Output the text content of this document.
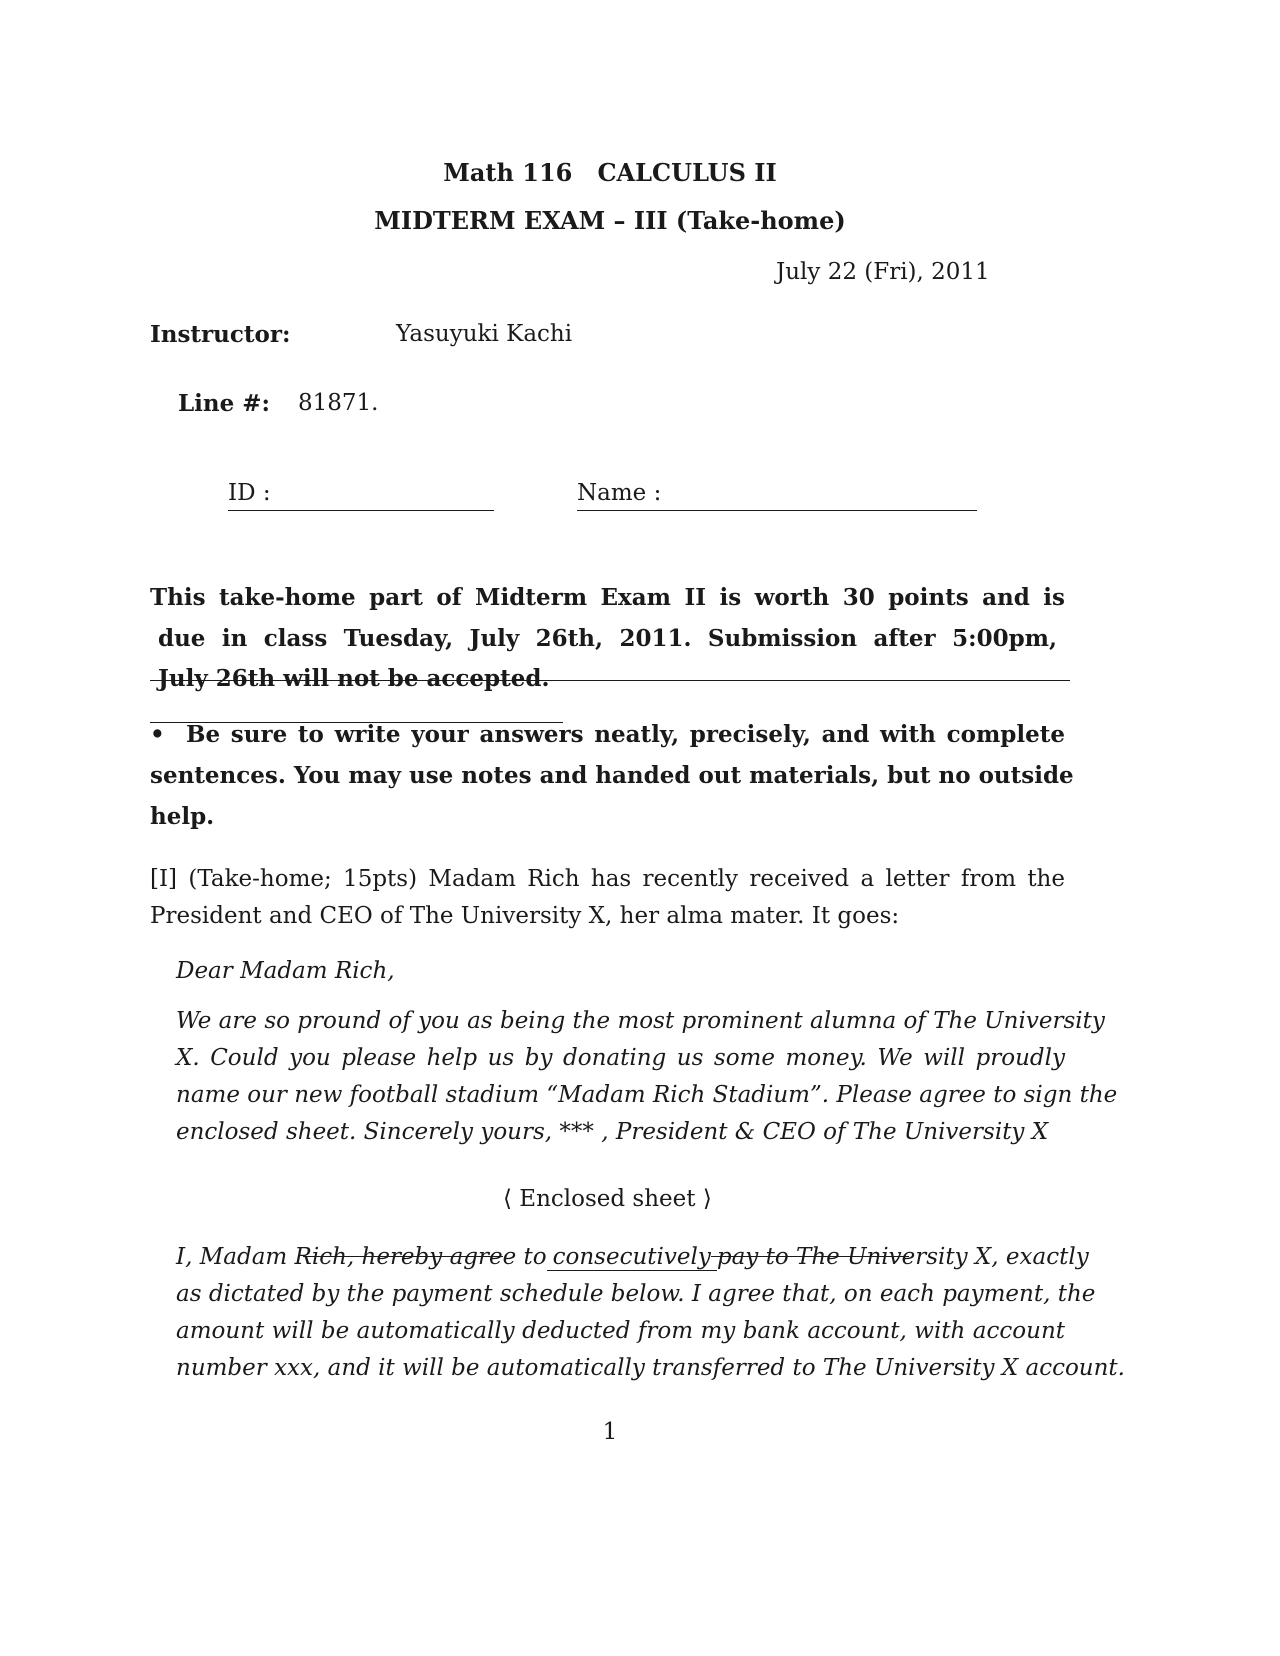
Math 116 CALCULUS II
MIDTERM EXAM – III (Take-home)
July 22 (Fri), 2011
Instructor:	Yasuyuki Kachi
Line #: 81871.
ID :	Name :
This take-home part of Midterm Exam II is worth 30 points and is
due in class Tuesday, July 26th, 2011. Submission after 5:00pm,
July 26th will not be accepted.
• Be sure to write your answers neatly, precisely, and with complete
sentences. You may use notes and handed out materials, but no outside
help.
[I] (Take-home; 15pts) Madam Rich has recently received a letter from the
President and CEO of The University X, her alma mater. It goes:
Dear Madam Rich,
We are so pround of you as being the most prominent alumna of The University
X. Could you please help us by donating us some money. We will proudly
name our new football stadium “Madam Rich Stadium”. Please agree to sign the
enclosed sheet. Sincerely yours, *** , President & CEO of The University X
⟨ Enclosed sheet ⟩
I, Madam Rich, hereby agree to consecutively pay to The University X, exactly
as dictated by the payment schedule below. I agree that, on each payment, the
amount will be automatically deducted from my bank account, with account
number xxx, and it will be automatically transferred to The University X account.
1
